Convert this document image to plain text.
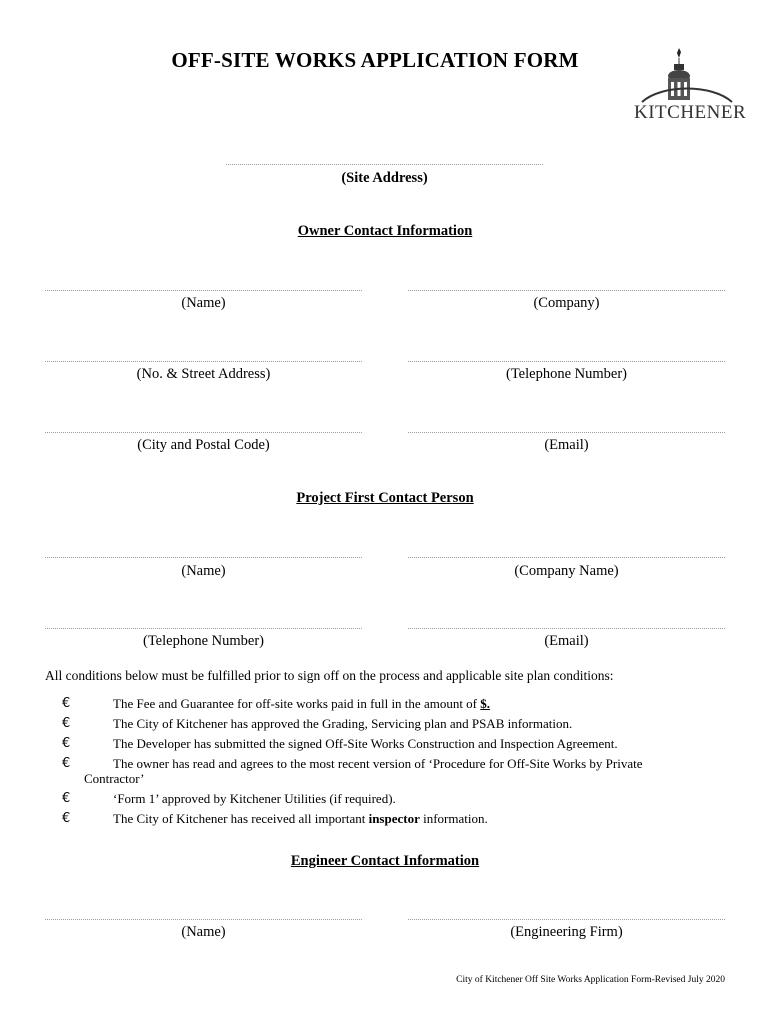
OFF-SITE WORKS APPLICATION FORM
KITCHENER
(Site Address)
Owner Contact Information
(Name)	(Company)
(No. & Street Address)	(Telephone Number)
(City and Postal Code)	(Email)
Project First Contact Person
(Name)	(Company Name)
(Telephone Number)	(Email)
All conditions below must be fulfilled prior to sign off on the process and applicable site plan conditions:
€	The Fee and Guarantee for off-site works paid in full in the amount of $.
€	The City of Kitchener has approved the Grading, Servicing plan and PSAB information.
€	The Developer has submitted the signed Off-Site Works Construction and Inspection Agreement.
€	The owner has read and agrees to the most recent version of ‘Procedure for Off-Site Works by Private
Contractor’
€	‘Form 1’ approved by Kitchener Utilities (if required).
€	The City of Kitchener has received all important inspector information.
Engineer Contact Information
(Name)	(Engineering Firm)
City of Kitchener Off Site Works Application Form-Revised July 2020
